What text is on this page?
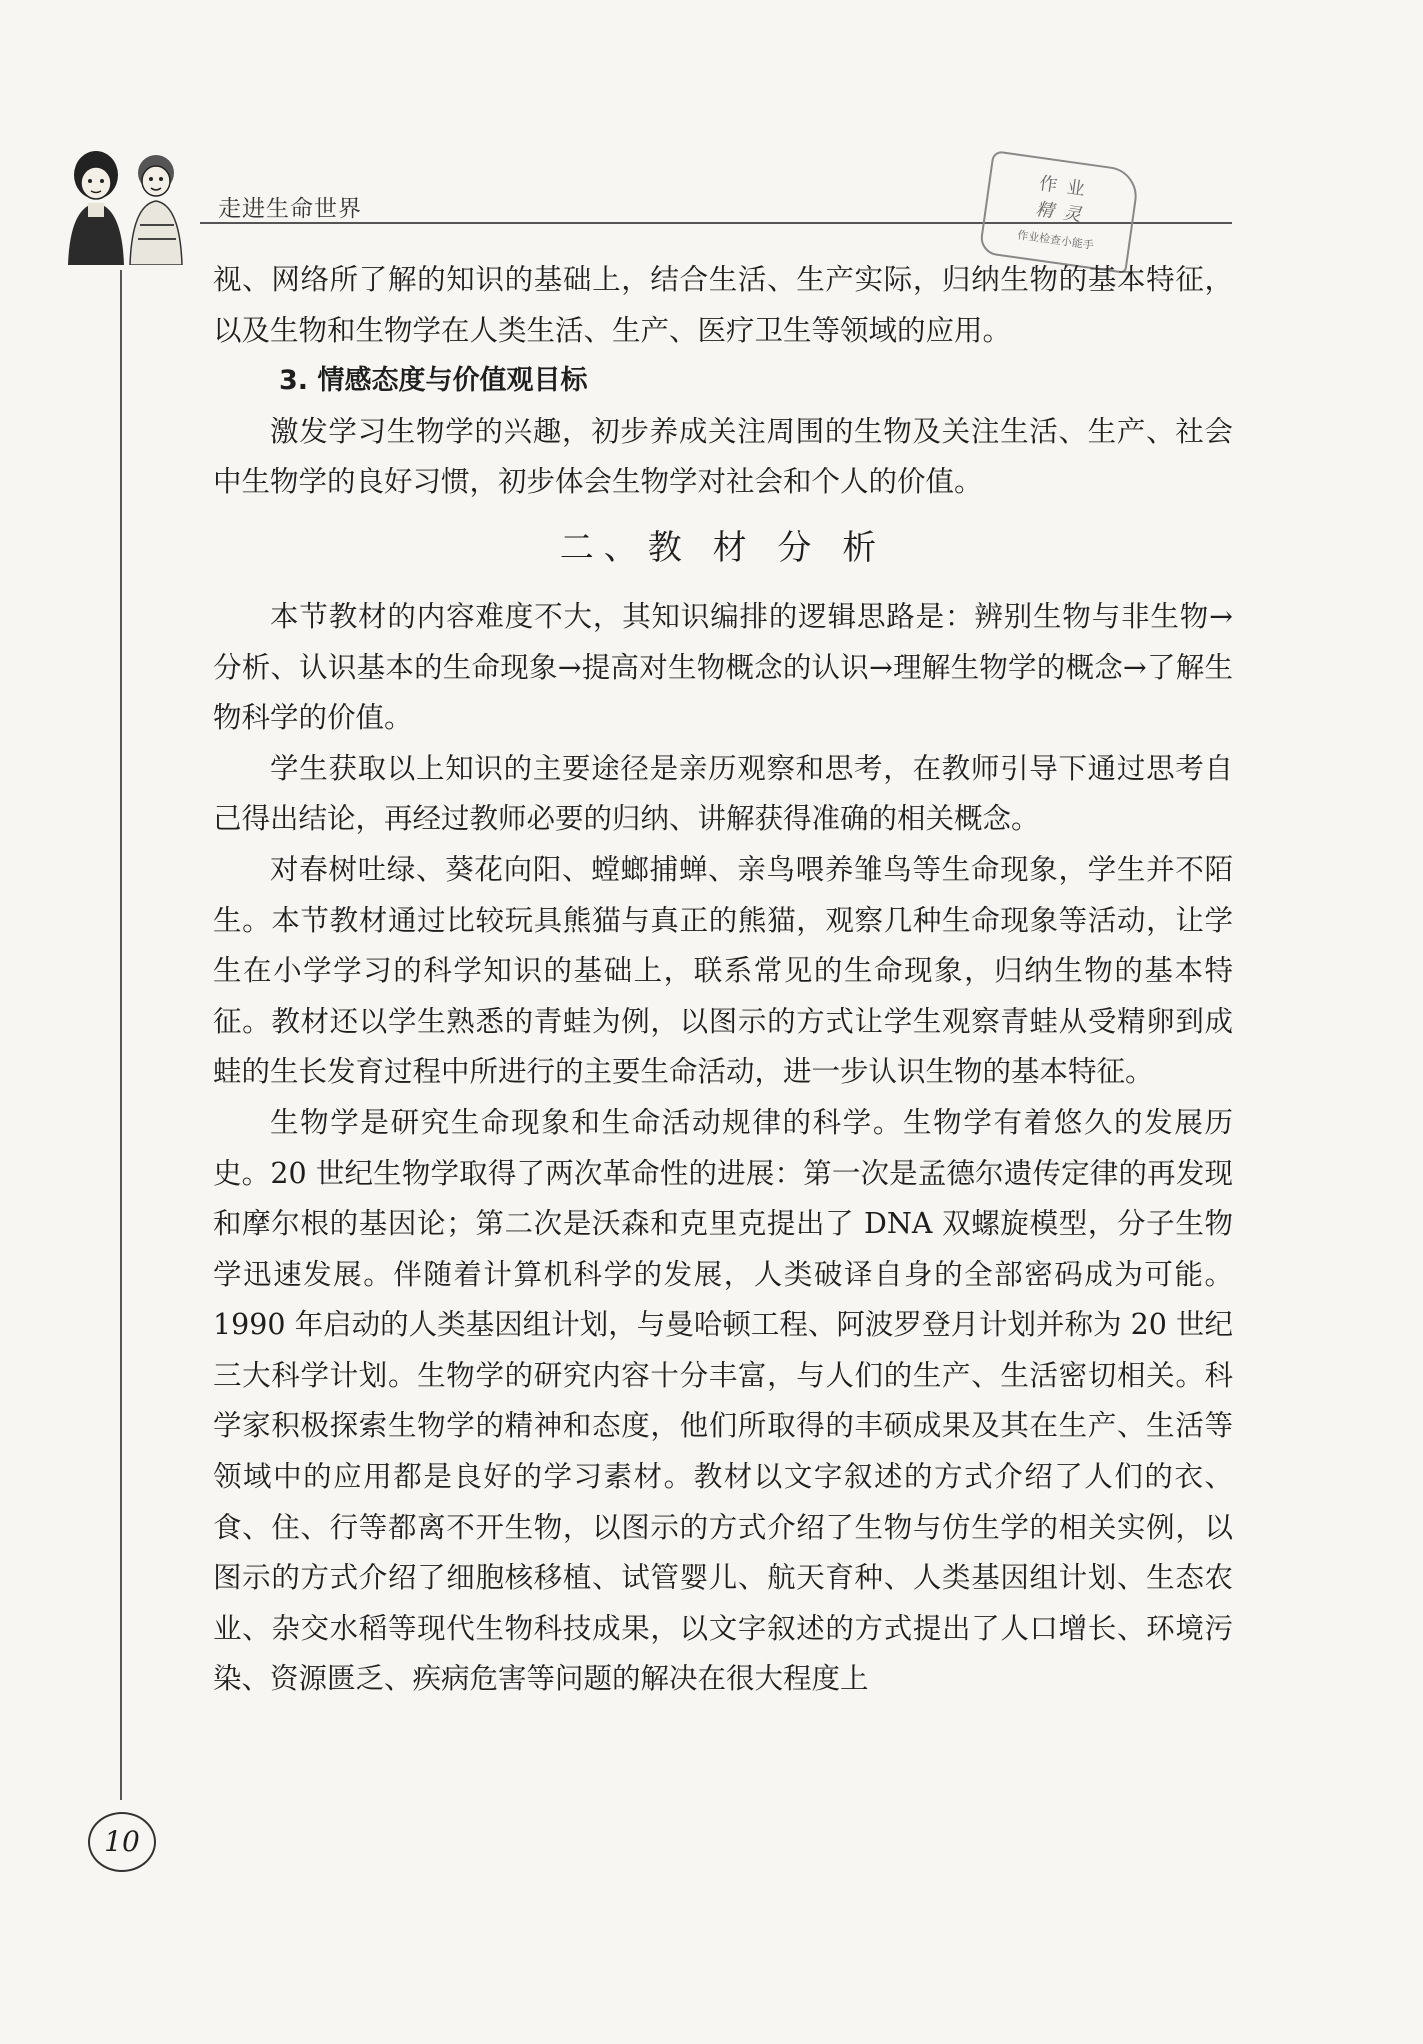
走进生命世界
作 业
精 灵
作业检查小能手

视、网络所了解的知识的基础上，结合生活、生产实际，归纳生物的基本特征，以及生物和生物学在人类生活、生产、医疗卫生等领域的应用。

3. 情感态度与价值观目标

激发学习生物学的兴趣，初步养成关注周围的生物及关注生活、生产、社会中生物学的良好习惯，初步体会生物学对社会和个人的价值。

二、教 材 分 析

本节教材的内容难度不大，其知识编排的逻辑思路是：辨别生物与非生物→分析、认识基本的生命现象→提高对生物概念的认识→理解生物学的概念→了解生物科学的价值。

学生获取以上知识的主要途径是亲历观察和思考，在教师引导下通过思考自己得出结论，再经过教师必要的归纳、讲解获得准确的相关概念。

对春树吐绿、葵花向阳、螳螂捕蝉、亲鸟喂养雏鸟等生命现象，学生并不陌生。本节教材通过比较玩具熊猫与真正的熊猫，观察几种生命现象等活动，让学生在小学学习的科学知识的基础上，联系常见的生命现象，归纳生物的基本特征。教材还以学生熟悉的青蛙为例，以图示的方式让学生观察青蛙从受精卵到成蛙的生长发育过程中所进行的主要生命活动，进一步认识生物的基本特征。

生物学是研究生命现象和生命活动规律的科学。生物学有着悠久的发展历史。20 世纪生物学取得了两次革命性的进展：第一次是孟德尔遗传定律的再发现和摩尔根的基因论；第二次是沃森和克里克提出了 DNA 双螺旋模型，分子生物学迅速发展。伴随着计算机科学的发展，人类破译自身的全部密码成为可能。1990 年启动的人类基因组计划，与曼哈顿工程、阿波罗登月计划并称为 20 世纪三大科学计划。生物学的研究内容十分丰富，与人们的生产、生活密切相关。科学家积极探索生物学的精神和态度，他们所取得的丰硕成果及其在生产、生活等领域中的应用都是良好的学习素材。教材以文字叙述的方式介绍了人们的衣、食、住、行等都离不开生物，以图示的方式介绍了生物与仿生学的相关实例，以图示的方式介绍了细胞核移植、试管婴儿、航天育种、人类基因组计划、生态农业、杂交水稻等现代生物科技成果，以文字叙述的方式提出了人口增长、环境污染、资源匮乏、疾病危害等问题的解决在很大程度上

10
